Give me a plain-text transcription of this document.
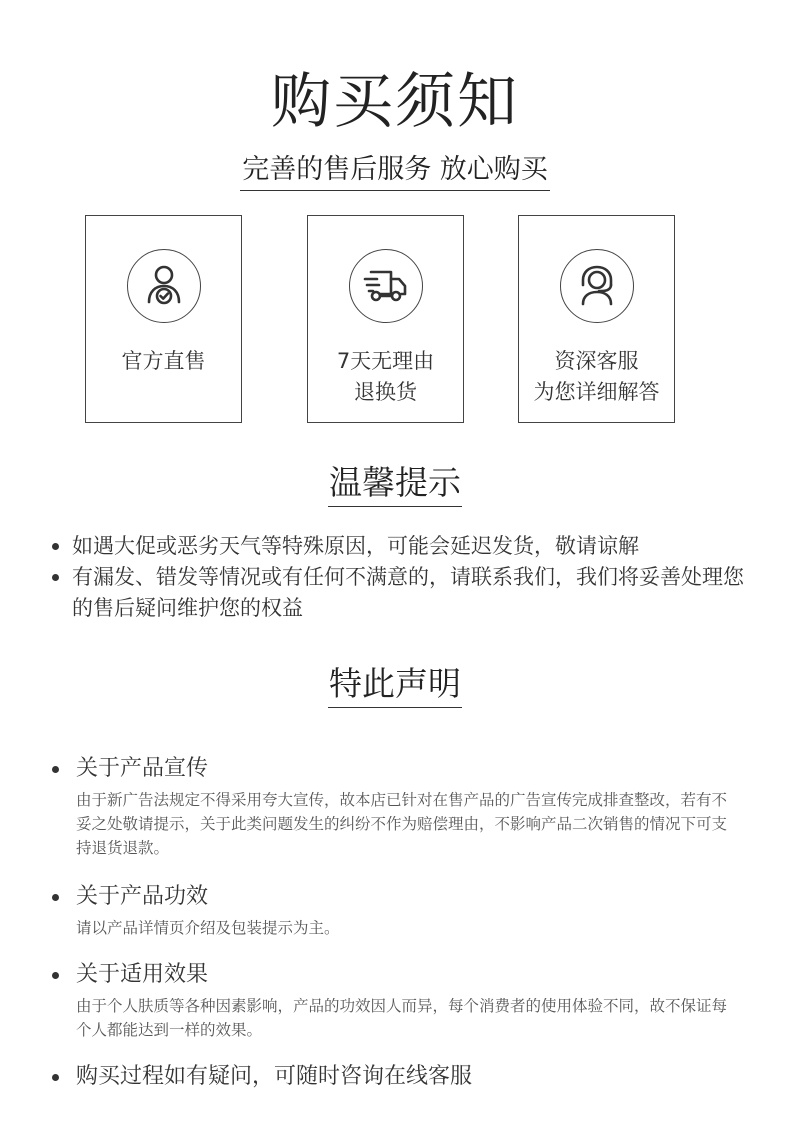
购买须知
完善的售后服务 放心购买
官方直售	7天无理由
退换货
资深客服
为您详细解答
温馨提示
如遇大促或恶劣天气等特殊原因，可能会延迟发货，敬请谅解
有漏发、错发等情况或有任何不满意的，请联系我们，我们将妥善处理您的售后疑问维护您的权益
特此声明
关于产品宣传
由于新广告法规定不得采用夸大宣传，故本店已针对在售产品的广告宣传完成排查整改，若有不妥之处敬请提示，关于此类问题发生的纠纷不作为赔偿理由，不影响产品二次销售的情况下可支持退货退款。
关于产品功效
请以产品详情页介绍及包装提示为主。
关于适用效果
由于个人肤质等各种因素影响，产品的功效因人而异，每个消费者的使用体验不同，故不保证每个人都能达到一样的效果。
购买过程如有疑问，可随时咨询在线客服
